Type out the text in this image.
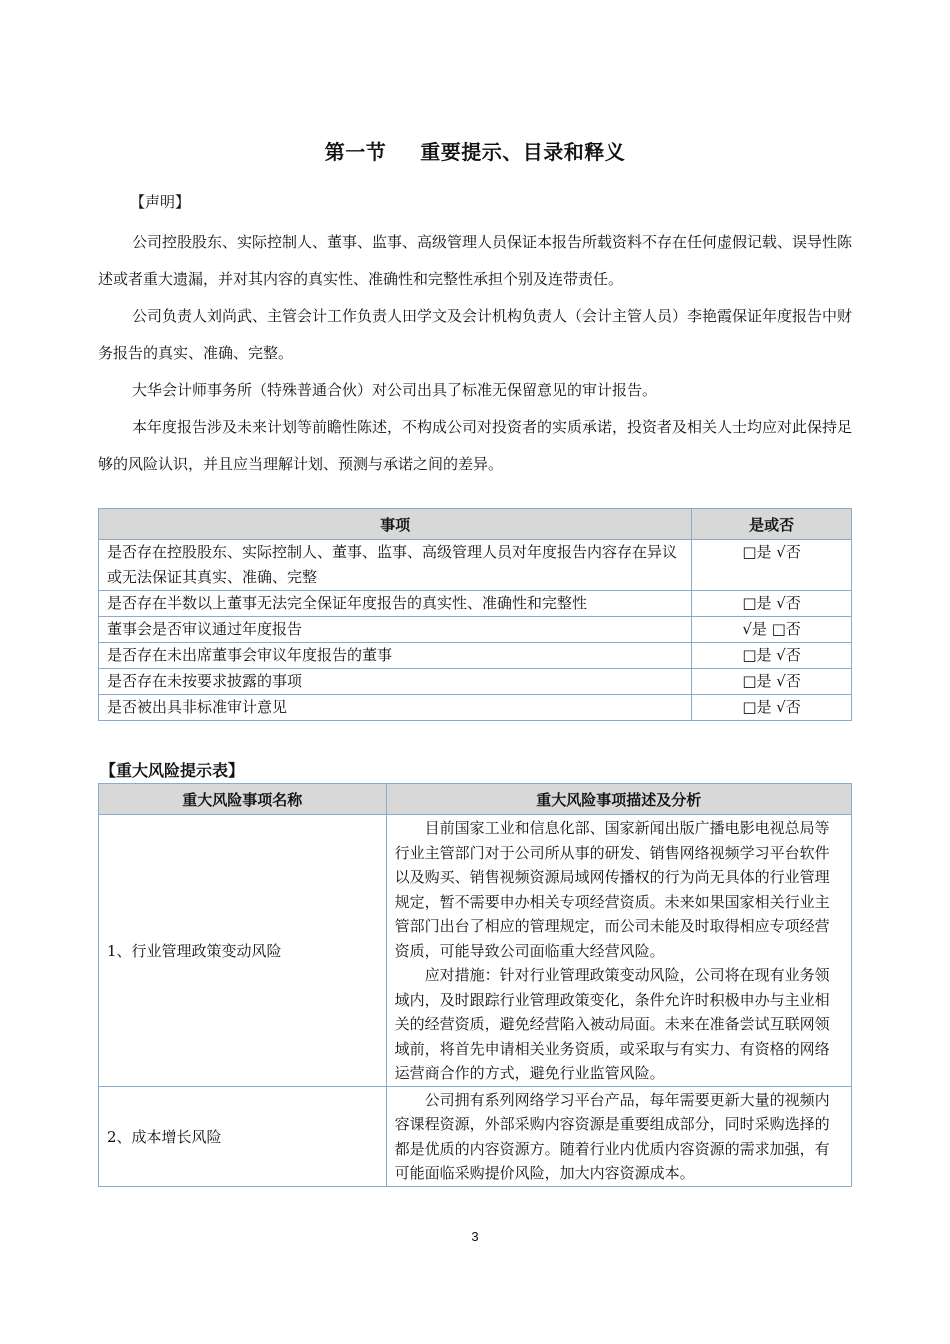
第一节 重要提示、目录和释义
【声明】

公司控股股东、实际控制人、董事、监事、高级管理人员保证本报告所载资料不存在任何虚假记载、误导性陈述或者重大遗漏，并对其内容的真实性、准确性和完整性承担个别及连带责任。

公司负责人刘尚武、主管会计工作负责人田学文及会计机构负责人（会计主管人员）李艳霞保证年度报告中财务报告的真实、准确、完整。

大华会计师事务所（特殊普通合伙）对公司出具了标准无保留意见的审计报告。

本年度报告涉及未来计划等前瞻性陈述，不构成公司对投资者的实质承诺，投资者及相关人士均应对此保持足够的风险认识，并且应当理解计划、预测与承诺之间的差异。

事项	是或否
是否存在控股股东、实际控制人、董事、监事、高级管理人员对年度报告内容存在异议或无法保证其真实、准确、完整	□是 √否
是否存在半数以上董事无法完全保证年度报告的真实性、准确性和完整性	□是 √否
董事会是否审议通过年度报告	√是 □否
是否存在未出席董事会审议年度报告的董事	□是 √否
是否存在未按要求披露的事项	□是 √否
是否被出具非标准审计意见	□是 √否
【重大风险提示表】
重大风险事项名称	重大风险事项描述及分析
1、行业管理政策变动风险	目前国家工业和信息化部、国家新闻出版广播电影电视总局等行业主管部门对于公司所从事的研发、销售网络视频学习平台软件以及购买、销售视频资源局域网传播权的行为尚无具体的行业管理规定，暂不需要申办相关专项经营资质。未来如果国家相关行业主管部门出台了相应的管理规定，而公司未能及时取得相应专项经营资质，可能导致公司面临重大经营风险。

应对措施：针对行业管理政策变动风险，公司将在现有业务领域内，及时跟踪行业管理政策变化，条件允许时积极申办与主业相关的经营资质，避免经营陷入被动局面。未来在准备尝试互联网领域前，将首先申请相关业务资质，或采取与有实力、有资格的网络运营商合作的方式，避免行业监管风险。

2、成本增长风险	公司拥有系列网络学习平台产品，每年需要更新大量的视频内容课程资源，外部采购内容资源是重要组成部分，同时采购选择的都是优质的内容资源方。随着行业内优质内容资源的需求加强，有可能面临采购提价风险，加大内容资源成本。

3
